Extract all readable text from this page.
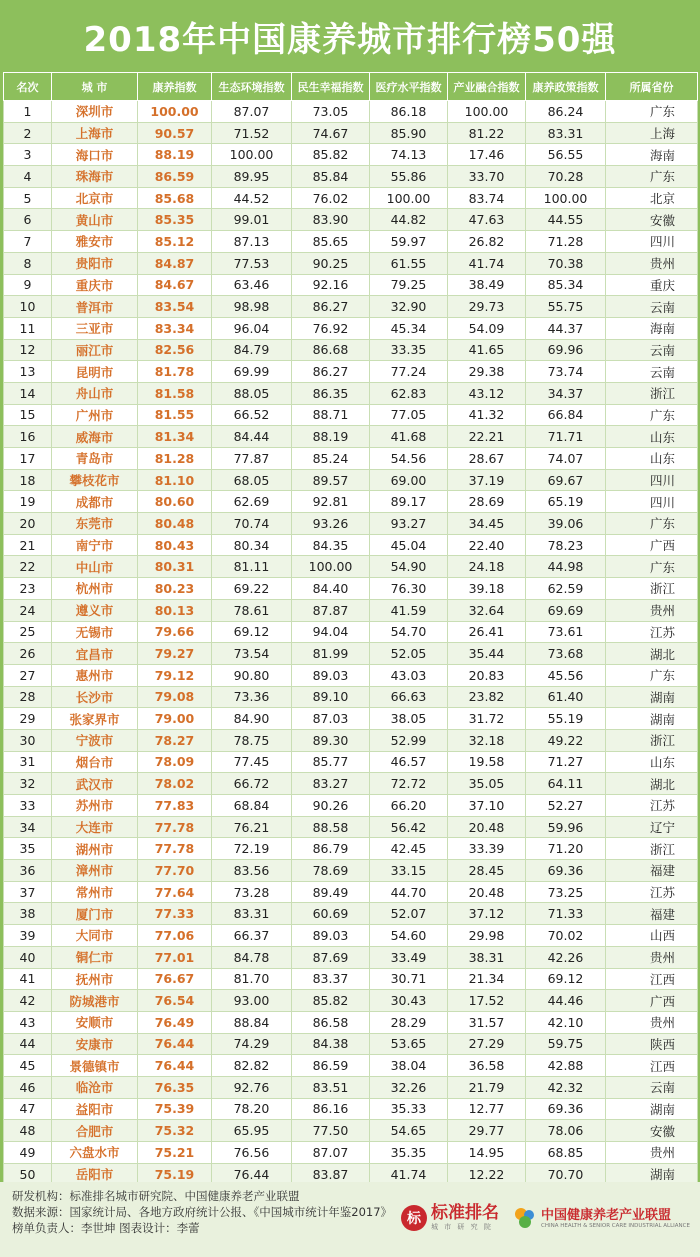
2018年中国康养城市排行榜50强
名次	城 市	康养指数	生态环境指数	民生幸福指数	医疗水平指数	产业融合指数	康养政策指数	所属省份
1	深圳市	100.00	87.07	73.05	86.18	100.00	86.24	广东
2	上海市	90.57	71.52	74.67	85.90	81.22	83.31	上海
3	海口市	88.19	100.00	85.82	74.13	17.46	56.55	海南
4	珠海市	86.59	89.95	85.84	55.86	33.70	70.28	广东
5	北京市	85.68	44.52	76.02	100.00	83.74	100.00	北京
6	黄山市	85.35	99.01	83.90	44.82	47.63	44.55	安徽
7	雅安市	85.12	87.13	85.65	59.97	26.82	71.28	四川
8	贵阳市	84.87	77.53	90.25	61.55	41.74	70.38	贵州
9	重庆市	84.67	63.46	92.16	79.25	38.49	85.34	重庆
10	普洱市	83.54	98.98	86.27	32.90	29.73	55.75	云南
11	三亚市	83.34	96.04	76.92	45.34	54.09	44.37	海南
12	丽江市	82.56	84.79	86.68	33.35	41.65	69.96	云南
13	昆明市	81.78	69.99	86.27	77.24	29.38	73.74	云南
14	舟山市	81.58	88.05	86.35	62.83	43.12	34.37	浙江
15	广州市	81.55	66.52	88.71	77.05	41.32	66.84	广东
16	威海市	81.34	84.44	88.19	41.68	22.21	71.71	山东
17	青岛市	81.28	77.87	85.24	54.56	28.67	74.07	山东
18	攀枝花市	81.10	68.05	89.57	69.00	37.19	69.67	四川
19	成都市	80.60	62.69	92.81	89.17	28.69	65.19	四川
20	东莞市	80.48	70.74	93.26	93.27	34.45	39.06	广东
21	南宁市	80.43	80.34	84.35	45.04	22.40	78.23	广西
22	中山市	80.31	81.11	100.00	54.90	24.18	44.98	广东
23	杭州市	80.23	69.22	84.40	76.30	39.18	62.59	浙江
24	遵义市	80.13	78.61	87.87	41.59	32.64	69.69	贵州
25	无锡市	79.66	69.12	94.04	54.70	26.41	73.61	江苏
26	宜昌市	79.27	73.54	81.99	52.05	35.44	73.68	湖北
27	惠州市	79.12	90.80	89.03	43.03	20.83	45.56	广东
28	长沙市	79.08	73.36	89.10	66.63	23.82	61.40	湖南
29	张家界市	79.00	84.90	87.03	38.05	31.72	55.19	湖南
30	宁波市	78.27	78.75	89.30	52.99	32.18	49.22	浙江
31	烟台市	78.09	77.45	85.77	46.57	19.58	71.27	山东
32	武汉市	78.02	66.72	83.27	72.72	35.05	64.11	湖北
33	苏州市	77.83	68.84	90.26	66.20	37.10	52.27	江苏
34	大连市	77.78	76.21	88.58	56.42	20.48	59.96	辽宁
35	湖州市	77.78	72.19	86.79	42.45	33.39	71.20	浙江
36	漳州市	77.70	83.56	78.69	33.15	28.45	69.36	福建
37	常州市	77.64	73.28	89.49	44.70	20.48	73.25	江苏
38	厦门市	77.33	83.31	60.69	52.07	37.12	71.33	福建
39	大同市	77.06	66.37	89.03	54.60	29.98	70.02	山西
40	铜仁市	77.01	84.78	87.69	33.49	38.31	42.26	贵州
41	抚州市	76.67	81.70	83.37	30.71	21.34	69.12	江西
42	防城港市	76.54	93.00	85.82	30.43	17.52	44.46	广西
43	安顺市	76.49	88.84	86.58	28.29	31.57	42.10	贵州
44	安康市	76.44	74.29	84.38	53.65	27.29	59.75	陕西
45	景德镇市	76.44	82.82	86.59	38.04	36.58	42.88	江西
46	临沧市	76.35	92.76	83.51	32.26	21.79	42.32	云南
47	益阳市	75.39	78.20	86.16	35.33	12.77	69.36	湖南
48	合肥市	75.32	65.95	77.50	54.65	29.77	78.06	安徽
49	六盘水市	75.21	76.56	87.07	35.35	14.95	68.85	贵州
50	岳阳市	75.19	76.44	83.87	41.74	12.22	70.70	湖南
研发机构：标准排名城市研究院、中国健康养老产业联盟
数据来源：国家统计局、各地方政府统计公报、《中国城市统计年鉴2017》
榜单负责人：李世坤 图表设计：李蕾
标 标准排名
城 市 研 究 院
中国健康养老产业联盟
CHINA HEALTH & SENIOR CARE INDUSTRIAL ALLIANCE
